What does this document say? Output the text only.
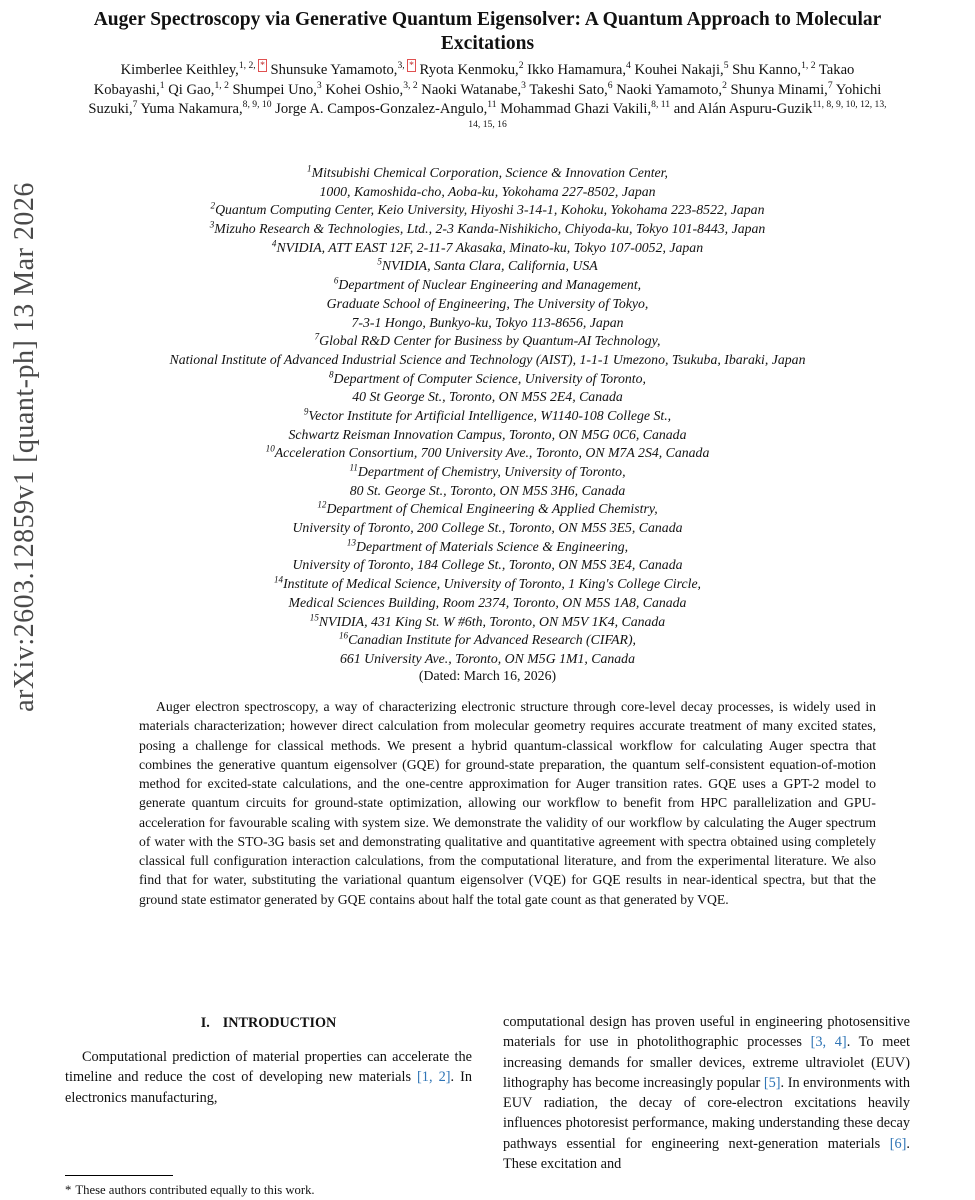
arXiv:2603.12859v1 [quant-ph] 13 Mar 2026
Auger Spectroscopy via Generative Quantum Eigensolver: A Quantum Approach to Molecular Excitations
Kimberlee Keithley,$^{1, 2, *}$ Shunsuke Yamamoto,$^{3, *}$ Ryota Kenmoku,$^2$ Ikko Hamamura,$^4$ Kouhei Nakaji,$^5$ Shu Kanno,$^{1, 2}$ Takao Kobayashi,$^1$ Qi Gao,$^{1, 2}$ Shumpei Uno,$^3$ Kohei Oshio,$^{3, 2}$ Naoki Watanabe,$^3$ Takeshi Sato,$^6$ Naoki Yamamoto,$^2$ Shunya Minami,$^7$ Yohichi Suzuki,$^7$ Yuma Nakamura,$^{8, 9, 10}$ Jorge A. Campos-Gonzalez-Angulo,$^{11}$ Mohammad Ghazi Vakili,$^{8, 11}$ and Alán Aspuru-Guzik$^{11, 8, 9, 10, 12, 13, 14, 15, 16}$
$^1$Mitsubishi Chemical Corporation, Science & Innovation Center,
1000, Kamoshida-cho, Aoba-ku, Yokohama 227-8502, Japan
$^2$Quantum Computing Center, Keio University, Hiyoshi 3-14-1, Kohoku, Yokohama 223-8522, Japan
$^3$Mizuho Research & Technologies, Ltd., 2-3 Kanda-Nishikicho, Chiyoda-ku, Tokyo 101-8443, Japan
$^4$NVIDIA, ATT EAST 12F, 2-11-7 Akasaka, Minato-ku, Tokyo 107-0052, Japan
$^5$NVIDIA, Santa Clara, California, USA
$^6$Department of Nuclear Engineering and Management,
Graduate School of Engineering, The University of Tokyo,
7-3-1 Hongo, Bunkyo-ku, Tokyo 113-8656, Japan
$^7$Global R&D Center for Business by Quantum-AI Technology,
National Institute of Advanced Industrial Science and Technology (AIST), 1-1-1 Umezono, Tsukuba, Ibaraki, Japan
$^8$Department of Computer Science, University of Toronto,
40 St George St., Toronto, ON M5S 2E4, Canada
$^9$Vector Institute for Artificial Intelligence, W1140-108 College St.,
Schwartz Reisman Innovation Campus, Toronto, ON M5G 0C6, Canada
$^{10}$Acceleration Consortium, 700 University Ave., Toronto, ON M7A 2S4, Canada
$^{11}$Department of Chemistry, University of Toronto,
80 St. George St., Toronto, ON M5S 3H6, Canada
$^{12}$Department of Chemical Engineering & Applied Chemistry,
University of Toronto, 200 College St., Toronto, ON M5S 3E5, Canada
$^{13}$Department of Materials Science & Engineering,
University of Toronto, 184 College St., Toronto, ON M5S 3E4, Canada
$^{14}$Institute of Medical Science, University of Toronto, 1 King's College Circle,
Medical Sciences Building, Room 2374, Toronto, ON M5S 1A8, Canada
$^{15}$NVIDIA, 431 King St. W #6th, Toronto, ON M5V 1K4, Canada
$^{16}$Canadian Institute for Advanced Research (CIFAR),
661 University Ave., Toronto, ON M5G 1M1, Canada
(Dated: March 16, 2026)

Auger electron spectroscopy, a way of characterizing electronic structure through core-level decay processes, is widely used in materials characterization; however direct calculation from molecular geometry requires accurate treatment of many excited states, posing a challenge for classical methods. We present a hybrid quantum-classical workflow for calculating Auger spectra that combines the generative quantum eigensolver (GQE) for ground-state preparation, the quantum self-consistent equation-of-motion method for excited-state calculations, and the one-centre approximation for Auger transition rates. GQE uses a GPT-2 model to generate quantum circuits for ground-state optimization, allowing our workflow to benefit from HPC parallelization and GPU-acceleration for favourable scaling with system size. We demonstrate the validity of our workflow by calculating the Auger spectrum of water with the STO-3G basis set and demonstrating qualitative and quantitative agreement with spectra obtained using completely classical full configuration interaction calculations, from the computational literature, and from the experimental literature. We also find that for water, substituting the variational quantum eigensolver (VQE) for GQE results in near-identical spectra, but that the ground state estimator generated by GQE contains about half the total gate count as that generated by VQE.

I. INTRODUCTION

Computational prediction of material properties can accelerate the timeline and reduce the cost of developing new materials [1, 2]. In electronics manufacturing,

* These authors contributed equally to this work.

computational design has proven useful in engineering photosensitive materials for use in photolithographic processes [3, 4]. To meet increasing demands for smaller devices, extreme ultraviolet (EUV) lithography has become increasingly popular [5]. In environments with EUV radiation, the decay of core-electron excitations heavily influences photoresist performance, making understanding these decay pathways essential for engineering next-generation materials [6]. These excitation and
